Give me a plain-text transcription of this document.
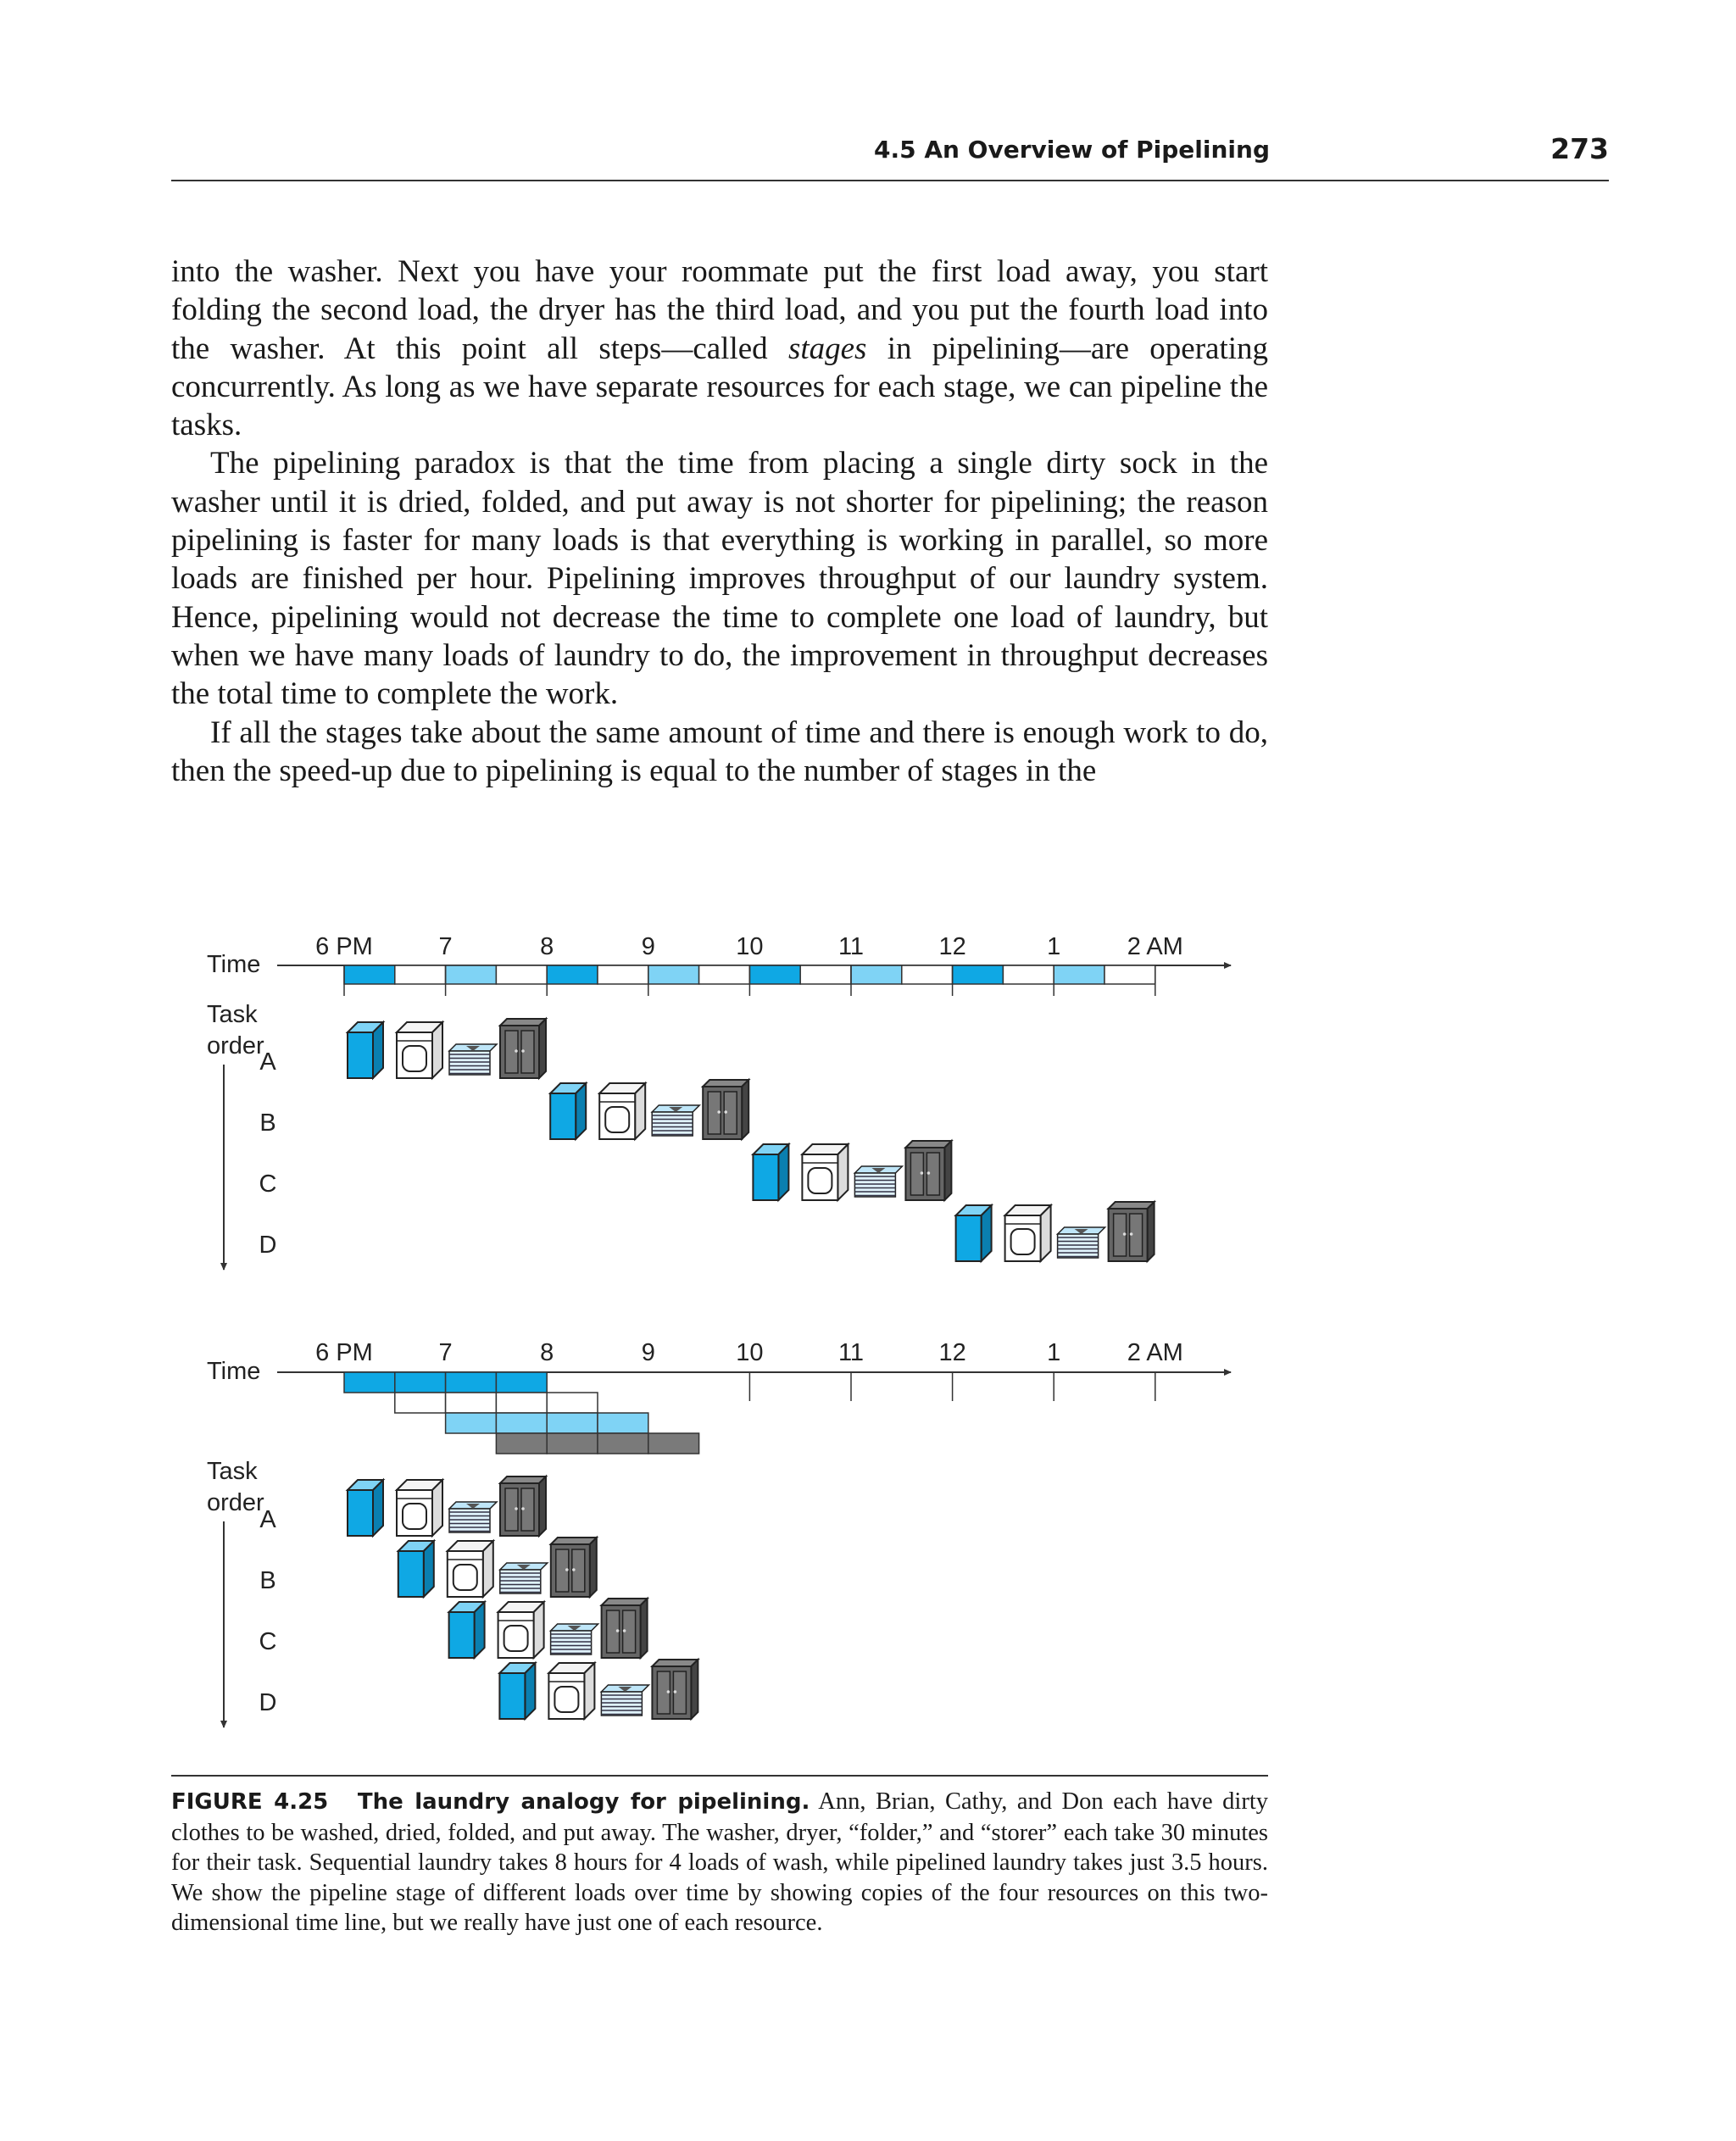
4.5 An Overview of Pipelining	273

into the washer. Next you have your roommate put the first load away, you start folding the second load, the dryer has the third load, and you put the fourth load into the washer. At this point all steps—called stages in pipelining—are operating concurrently. As long as we have separate resources for each stage, we can pipeline the tasks.

The pipelining paradox is that the time from placing a single dirty sock in the washer until it is dried, folded, and put away is not shorter for pipelining; the reason pipelining is faster for many loads is that everything is working in parallel, so more loads are finished per hour. Pipelining improves throughput of our laundry system. Hence, pipelining would not decrease the time to complete one load of laundry, but when we have many loads of laundry to do, the improvement in throughput decreases the total time to complete the work.

If all the stages take about the same amount of time and there is enough work to do, then the speed-up due to pipelining is equal to the number of stages in the

Time
6 PM	7	8	9	10	11	12	1	2 AM
Task
order
A
B
C
D
Time
6 PM	7	8	9	10	11	12	1	2 AM
Task
order
A
B
C
D
FIGURE 4.25 The laundry analogy for pipelining. Ann, Brian, Cathy, and Don each have dirty clothes to be washed, dried, folded, and put away. The washer, dryer, “folder,” and “storer” each take 30 minutes for their task. Sequential laundry takes 8 hours for 4 loads of wash, while pipelined laundry takes just 3.5 hours. We show the pipeline stage of different loads over time by showing copies of the four resources on this two-dimensional time line, but we really have just one of each resource.
